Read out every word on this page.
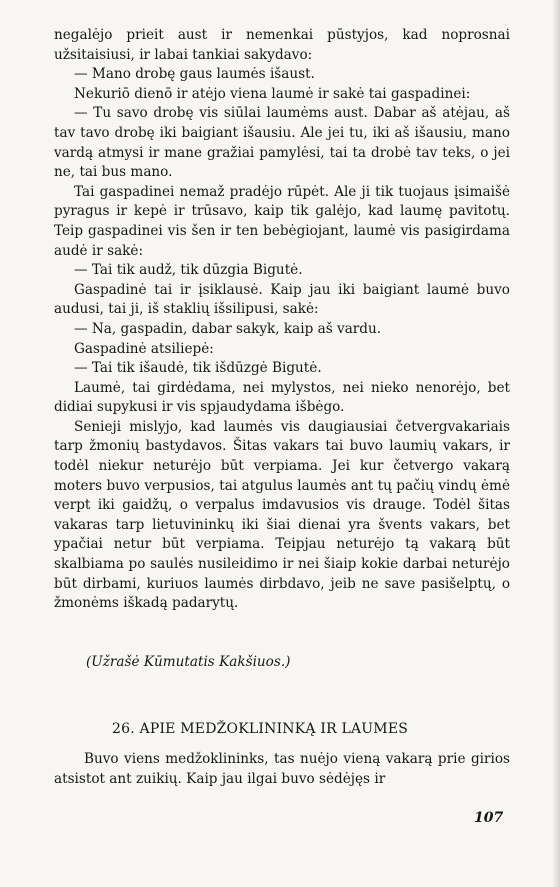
negalėjo prieit aust ir nemenkai pūstyjos, kad noprosnai užsitaisiusi, ir labai tankiai sakydavo:

— Mano drobę gaus laumės išaust.

Nekuriō dienō ir atėjo viena laumė ir sakė tai gaspadinei:

— Tu savo drobę vis siūlai laumėms aust. Dabar aš atėjau, aš tav tavo drobę iki baigiant išausiu. Ale jei tu, iki aš išausiu, mano vardą atmysi ir mane gražiai pamylėsi, tai ta drobė tav teks, o jei ne, tai bus mano.

Tai gaspadinei nemaž pradėjo rūpėt. Ale ji tik tuojaus įsimaišė pyragus ir kepė ir trūsavo, kaip tik galėjo, kad laumę pavitotų. Teip gaspadinei vis šen ir ten bebėgiojant, laumė vis pasigirdama audė ir sakė:

— Tai tik audž, tik dūzgia Bigutė.

Gaspadinė tai ir įsiklausė. Kaip jau iki baigiant laumė buvo audusi, tai ji, iš staklių išsilipusi, sakė:

— Na, gaspadin, dabar sakyk, kaip aš vardu.

Gaspadinė atsiliepė:

— Tai tik išaudė, tik išdūzgė Bigutė.

Laumė, tai girdėdama, nei mylystos, nei nieko nenorėjo, bet didiai supykusi ir vis spjaudydama išbėgo.

Senieji mislyjo, kad laumės vis daugiausiai četvergvakariais tarp žmonių bastydavos. Šitas vakars tai buvo laumių vakars, ir todėl niekur neturėjo būt verpiama. Jei kur četvergo vakarą moters buvo verpusios, tai atgulus laumės ant tų pačių vindų ėmė verpt iki gaidžų, o verpalus imdavusios vis drauge. Todėl šitas vakaras tarp lietuvininkų iki šiai dienai yra švents vakars, bet ypačiai netur būt verpiama. Teipjau neturėjo tą vakarą būt skalbiama po saulės nusileidimo ir nei šiaip kokie darbai neturėjo būt dirbami, kuriuos laumės dirbdavo, jeib ne save pasišelptų, o žmonėms iškadą padarytų.

(Užrašė Kūmutatis Kakšiuos.)
26. APIE MEDŽOKLININKĄ IR LAUMES

Buvo viens medžoklininks, tas nuėjo vieną vakarą prie girios atsistot ant zuikių. Kaip jau ilgai buvo sėdėjęs ir

107
